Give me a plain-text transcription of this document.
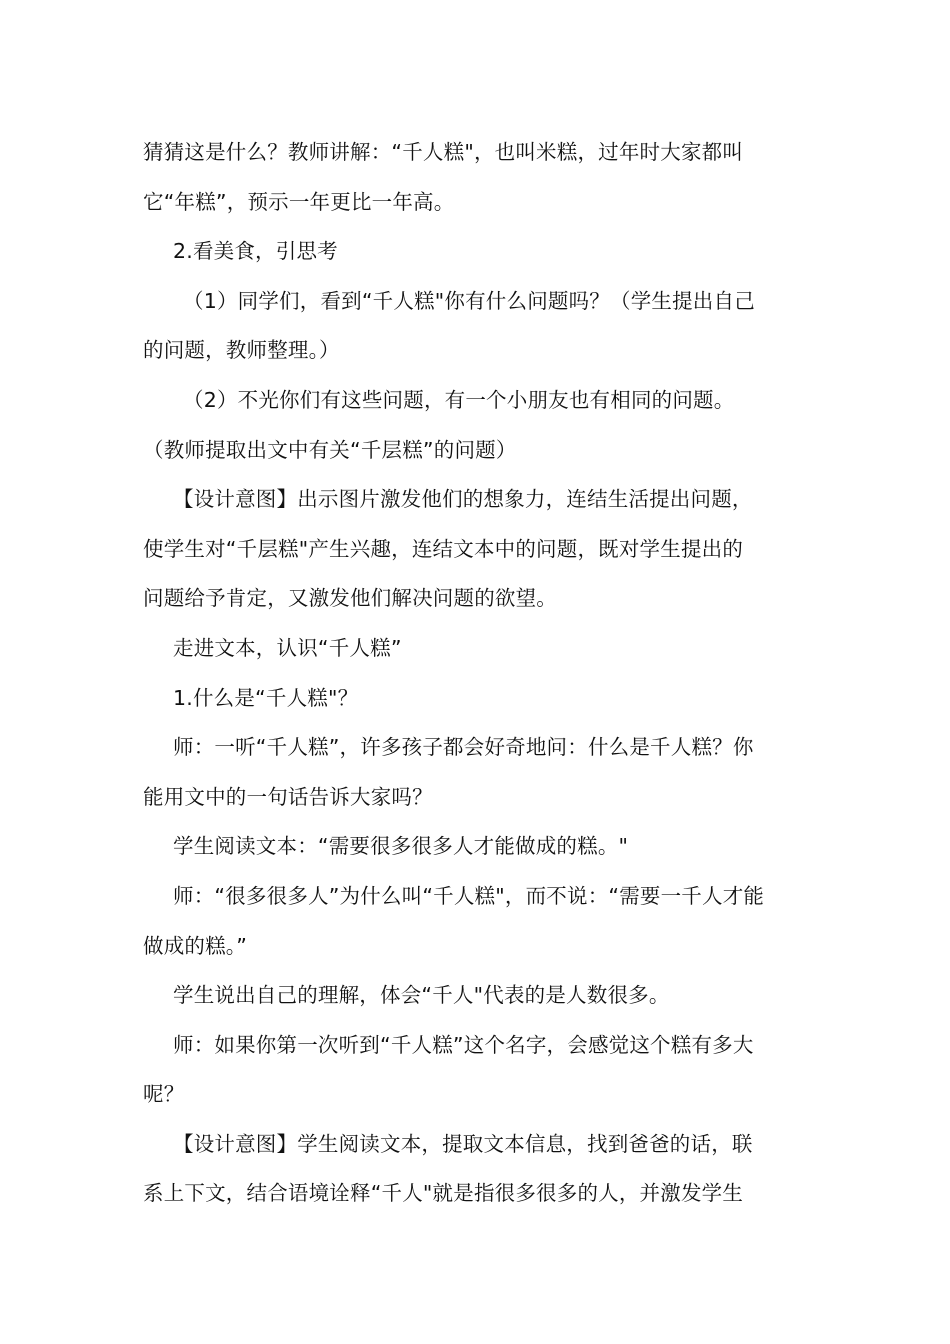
猜猜这是什么？教师讲解：“千人糕"，也叫米糕，过年时大家都叫
它“年糕”，预示一年更比一年高。
2.看美食，引思考
（1）同学们，看到“千人糕"你有什么问题吗？（学生提出自己
的问题，教师整理。）
（2）不光你们有这些问题，有一个小朋友也有相同的问题。
（教师提取出文中有关“千层糕”的问题）
【设计意图】出示图片激发他们的想象力，连结生活提出问题，
使学生对“千层糕"产生兴趣，连结文本中的问题，既对学生提出的
问题给予肯定，又激发他们解决问题的欲望。
走进文本，认识“千人糕”
1.什么是“千人糕"？
师：一听“千人糕”，许多孩子都会好奇地问：什么是千人糕？你
能用文中的一句话告诉大家吗？
学生阅读文本：“需要很多很多人才能做成的糕。"
师：“很多很多人”为什么叫“千人糕"，而不说：“需要一千人才能
做成的糕。”
学生说出自己的理解，体会“千人"代表的是人数很多。
师：如果你第一次听到“千人糕”这个名字，会感觉这个糕有多大
呢？
【设计意图】学生阅读文本，提取文本信息，找到爸爸的话，联
系上下文，结合语境诠释“千人"就是指很多很多的人，并激发学生
